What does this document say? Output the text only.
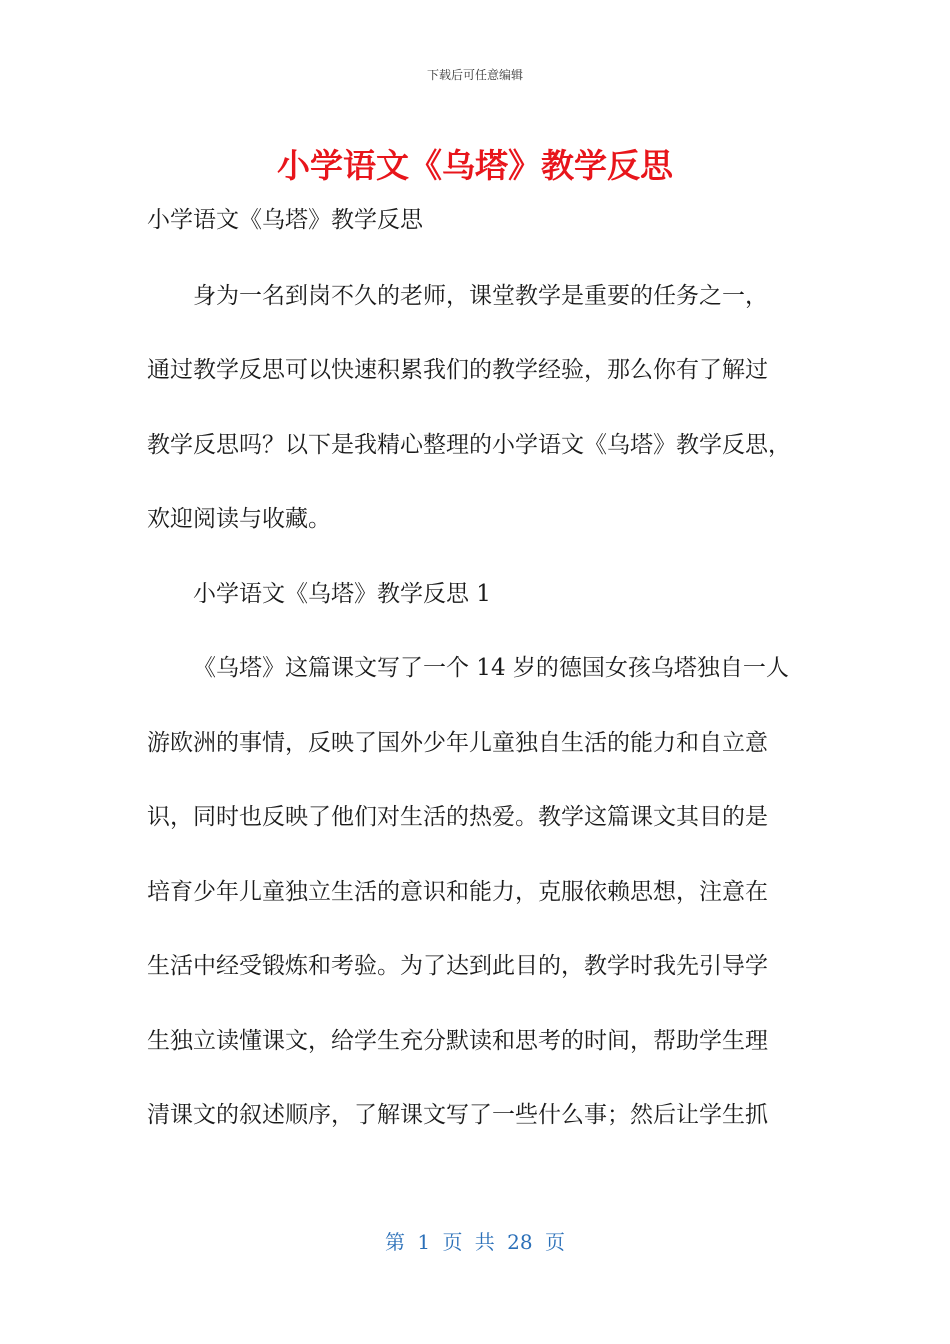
下载后可任意编辑
小学语文《乌塔》教学反思
小学语文《乌塔》教学反思
身为一名到岗不久的老师，课堂教学是重要的任务之一，
通过教学反思可以快速积累我们的教学经验，那么你有了解过
教学反思吗？以下是我精心整理的小学语文《乌塔》教学反思，
欢迎阅读与收藏。
小学语文《乌塔》教学反思 1
《乌塔》这篇课文写了一个 14 岁的德国女孩乌塔独自一人
游欧洲的事情，反映了国外少年儿童独自生活的能力和自立意
识，同时也反映了他们对生活的热爱。教学这篇课文其目的是
培育少年儿童独立生活的意识和能力，克服依赖思想，注意在
生活中经受锻炼和考验。为了达到此目的，教学时我先引导学
生独立读懂课文，给学生充分默读和思考的时间，帮助学生理
清课文的叙述顺序，了解课文写了一些什么事；然后让学生抓
第 1 页 共 28 页
